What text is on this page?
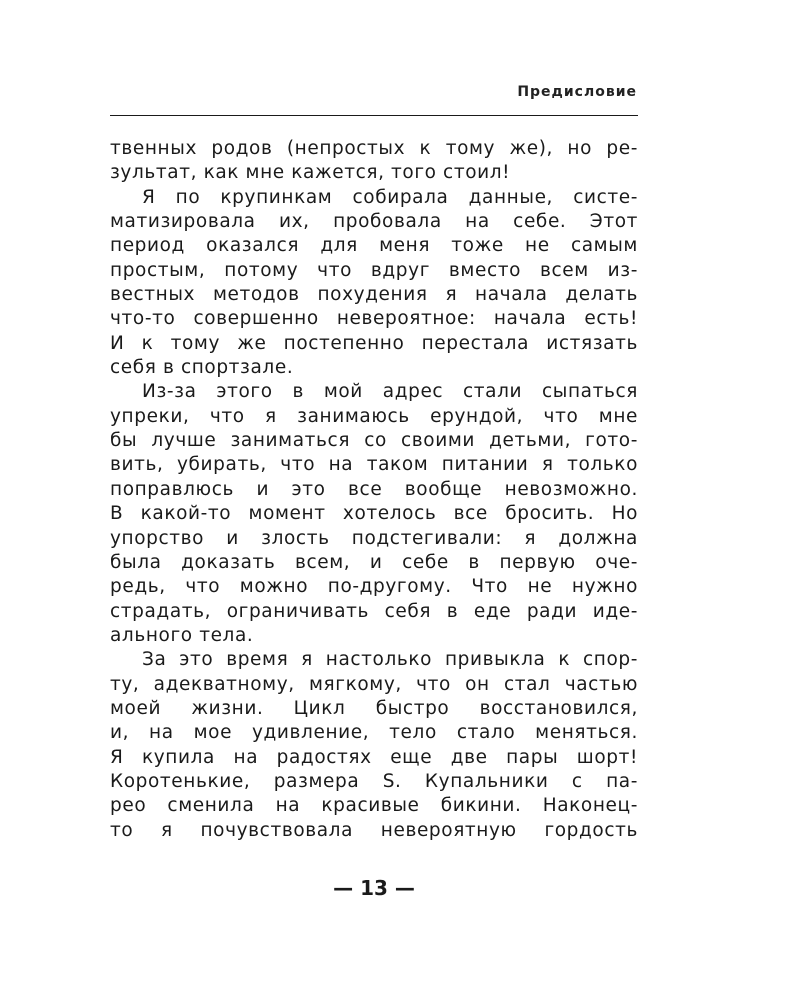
Предисловие
твенных родов (непростых к тому же), но ре-
зультат, как мне кажется, того стоил!
Я по крупинкам собирала данные, систе-
матизировала их, пробовала на себе. Этот
период оказался для меня тоже не самым
простым, потому что вдруг вместо всем из-
вестных методов похудения я начала делать
что-то совершенно невероятное: начала есть!
И к тому же постепенно перестала истязать
себя в спортзале.
Из-за этого в мой адрес стали сыпаться
упреки, что я занимаюсь ерундой, что мне
бы лучше заниматься со своими детьми, гото-
вить, убирать, что на таком питании я только
поправлюсь и это все вообще невозможно.
В какой-то момент хотелось все бросить. Но
упорство и злость подстегивали: я должна
была доказать всем, и себе в первую оче-
редь, что можно по-другому. Что не нужно
страдать, ограничивать себя в еде ради иде-
ального тела.
За это время я настолько привыкла к спор-
ту, адекватному, мягкому, что он стал частью
моей жизни. Цикл быстро восстановился,
и, на мое удивление, тело стало меняться.
Я купила на радостях еще две пары шорт!
Коротенькие, размера S. Купальники с па-
рео сменила на красивые бикини. Наконец-
то я почувствовала невероятную гордость
— 13 —
